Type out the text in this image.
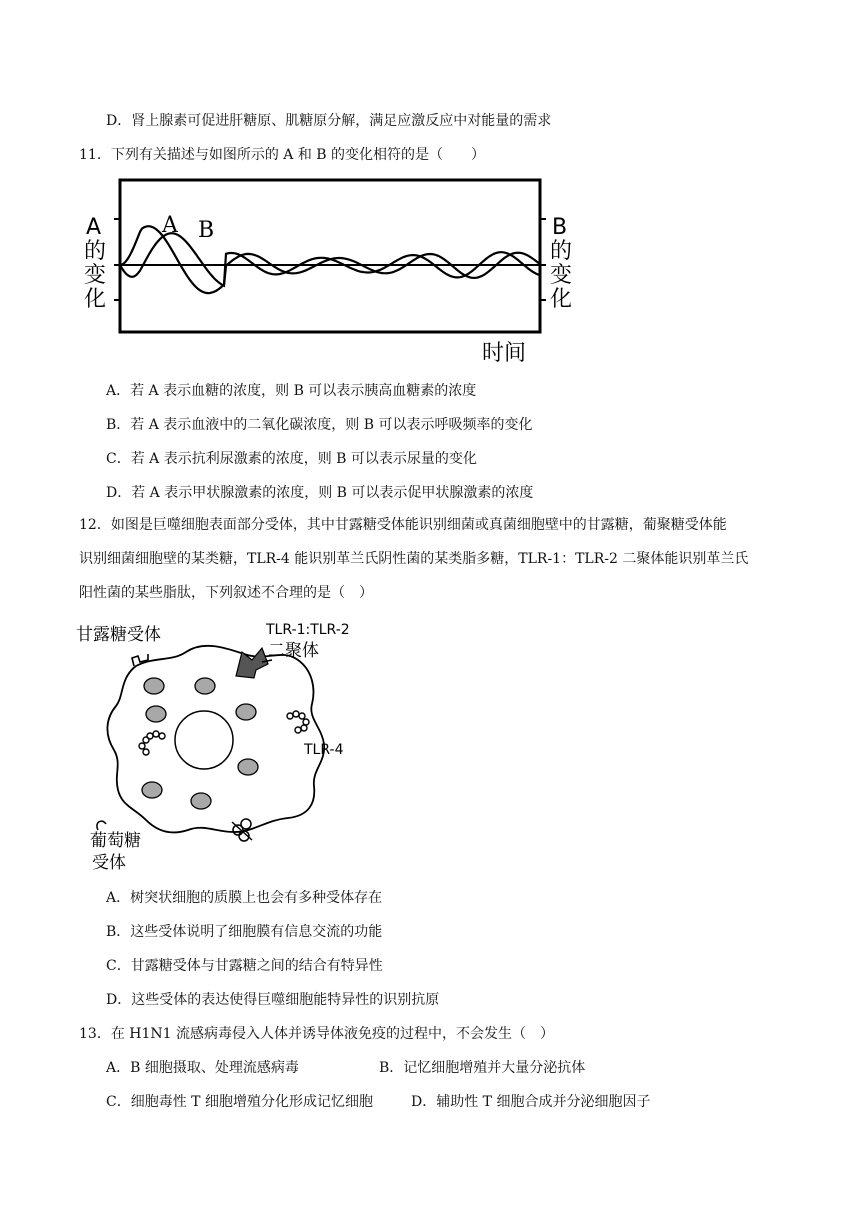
D．肾上腺素可促进肝糖原、肌糖原分解，满足应激反应中对能量的需求
11．下列有关描述与如图所示的 A 和 B 的变化相符的是（　　）
A B
A
的
变
化
B
的
变
化
时间
A．若 A 表示血糖的浓度，则 B 可以表示胰高血糖素的浓度
B．若 A 表示血液中的二氧化碳浓度，则 B 可以表示呼吸频率的变化
C．若 A 表示抗利尿激素的浓度，则 B 可以表示尿量的变化
D．若 A 表示甲状腺激素的浓度，则 B 可以表示促甲状腺激素的浓度
12．如图是巨噬细胞表面部分受体，其中甘露糖受体能识别细菌或真菌细胞壁中的甘露糖，葡聚糖受体能
识别细菌细胞壁的某类糖，TLR-4 能识别革兰氏阴性菌的某类脂多糖，TLR-1：TLR-2 二聚体能识别革兰氏
阳性菌的某些脂肽，下列叙述不合理的是（　）
甘露糖受体	TLR-1:TLR-2
二聚体
TLR-4
葡萄糖
受体
A．树突状细胞的质膜上也会有多种受体存在
B．这些受体说明了细胞膜有信息交流的功能
C．甘露糖受体与甘露糖之间的结合有特异性
D．这些受体的表达使得巨噬细胞能特异性的识别抗原
13．在 H1N1 流感病毒侵入人体并诱导体液免疫的过程中，不会发生（　）
A．B 细胞摄取、处理流感病毒	B．记忆细胞增殖并大量分泌抗体
C．细胞毒性 T 细胞增殖分化形成记忆细胞	D．辅助性 T 细胞合成并分泌细胞因子
